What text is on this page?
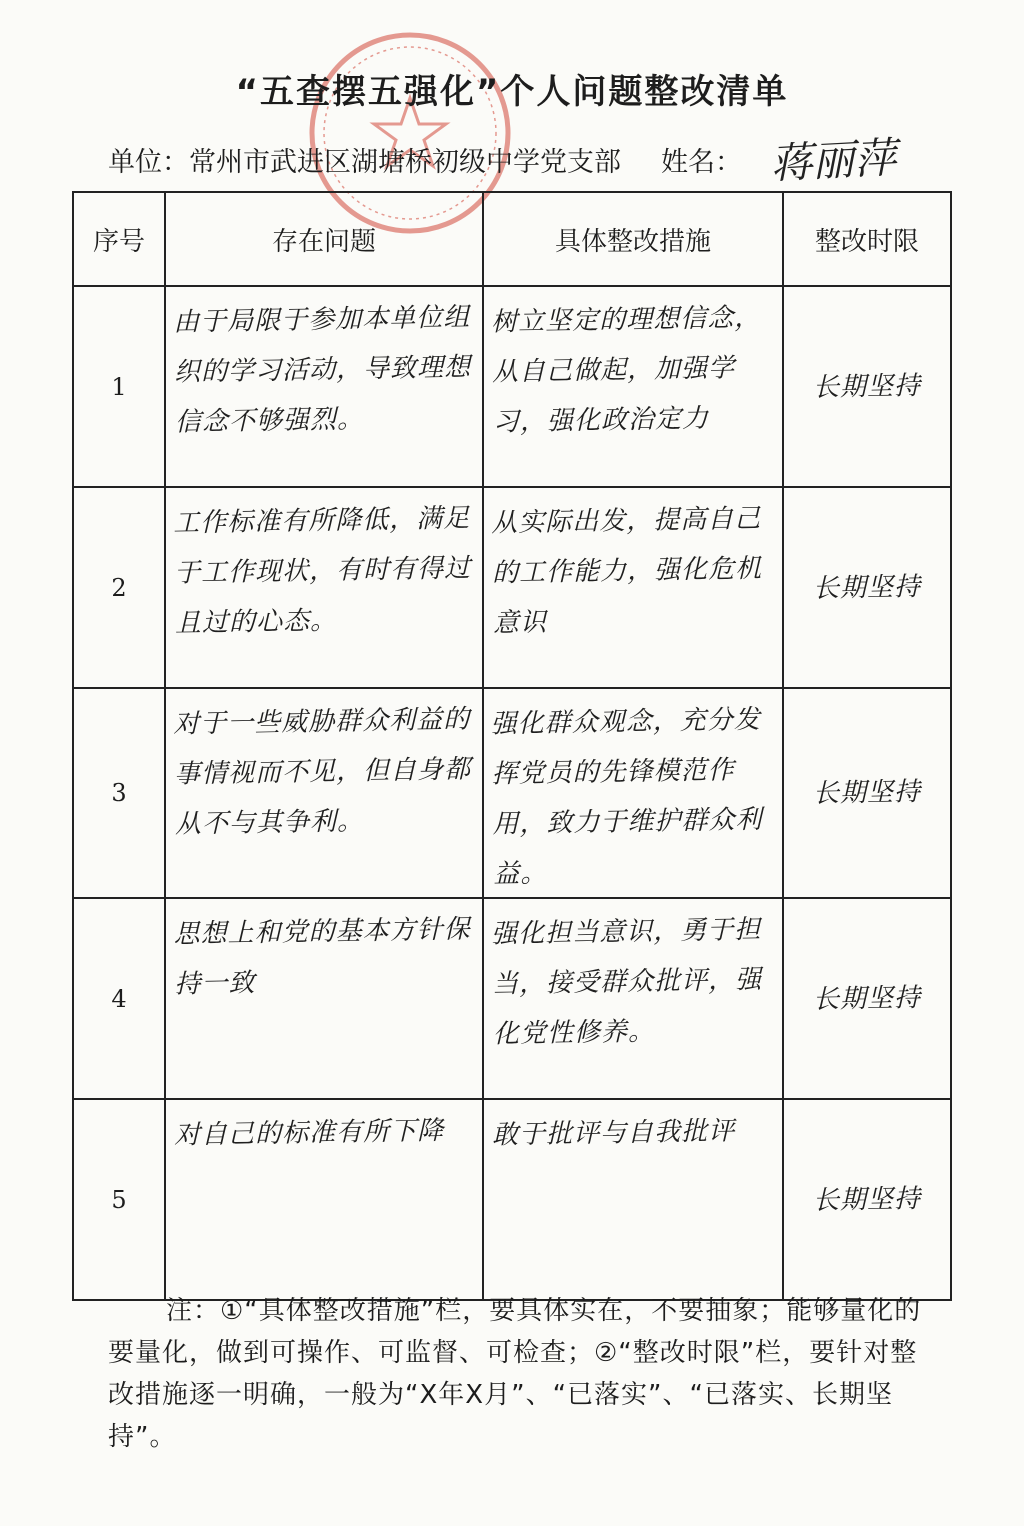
“五查摆五强化”个人问题整改清单
单位：常州市武进区湖塘桥初级中学党支部 姓名： 蒋丽萍
序号	存在问题	具体整改措施	整改时限
1	由于局限于参加本单位组织的学习活动，导致理想信念不够强烈。	树立坚定的理想信念，从自己做起，加强学习，强化政治定力	长期坚持

2	工作标准有所降低，满足于工作现状，有时有得过且过的心态。	从实际出发，提高自己的工作能力，强化危机意识	长期坚持

3	对于一些威胁群众利益的事情视而不见，但自身都从不与其争利。	强化群众观念，充分发挥党员的先锋模范作用，致力于维护群众利益。	长期坚持

4	思想上和党的基本方针保持一致	强化担当意识，勇于担当，接受群众批评，强化党性修养。	长期坚持

5	对自己的标准有所下降	敢于批评与自我批评	长期坚持
注：①“具体整改措施”栏，要具体实在，不要抽象；能够量化的要量化，做到可操作、可监督、可检查；②“整改时限”栏，要针对整改措施逐一明确，一般为“X年X月”、“已落实”、“已落实、长期坚持”。
